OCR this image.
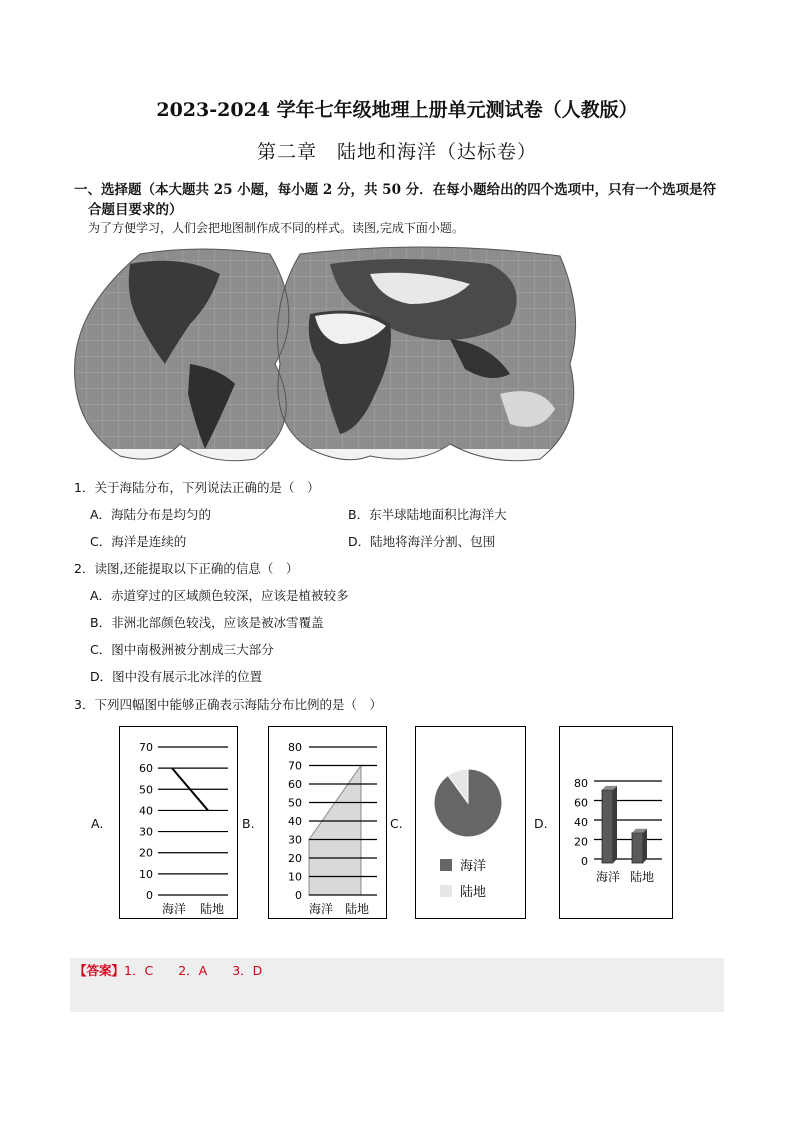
2023-2024 学年七年级地理上册单元测试卷（人教版）
第二章　陆地和海洋（达标卷）
一、选择题（本大题共 25 小题，每小题 2 分，共 50 分．在每小题给出的四个选项中，只有一个选项是符
合题目要求的）
为了方便学习，人们会把地图制作成不同的样式。读图,完成下面小题。
1．关于海陆分布，下列说法正确的是（　）
A．海陆分布是均匀的	B．东半球陆地面积比海洋大
C．海洋是连续的	D．陆地将海洋分割、包围
2．读图,还能提取以下正确的信息（　）
A．赤道穿过的区域颜色较深，应该是植被较多
B．非洲北部颜色较浅，应该是被冰雪覆盖
C．图中南极洲被分割成三大部分
D．图中没有展示北冰洋的位置
3．下列四幅图中能够正确表示海陆分布比例的是（　）
A.	B.	C.	D.
0
10
20
30
40
50
60
70
海洋 陆地
0
10
20
30
40
50
60
70
80
海洋 陆地
海洋
陆地
0
20
40
60
80
海洋 陆地
【答案】1．C　　2．A　　3．D
